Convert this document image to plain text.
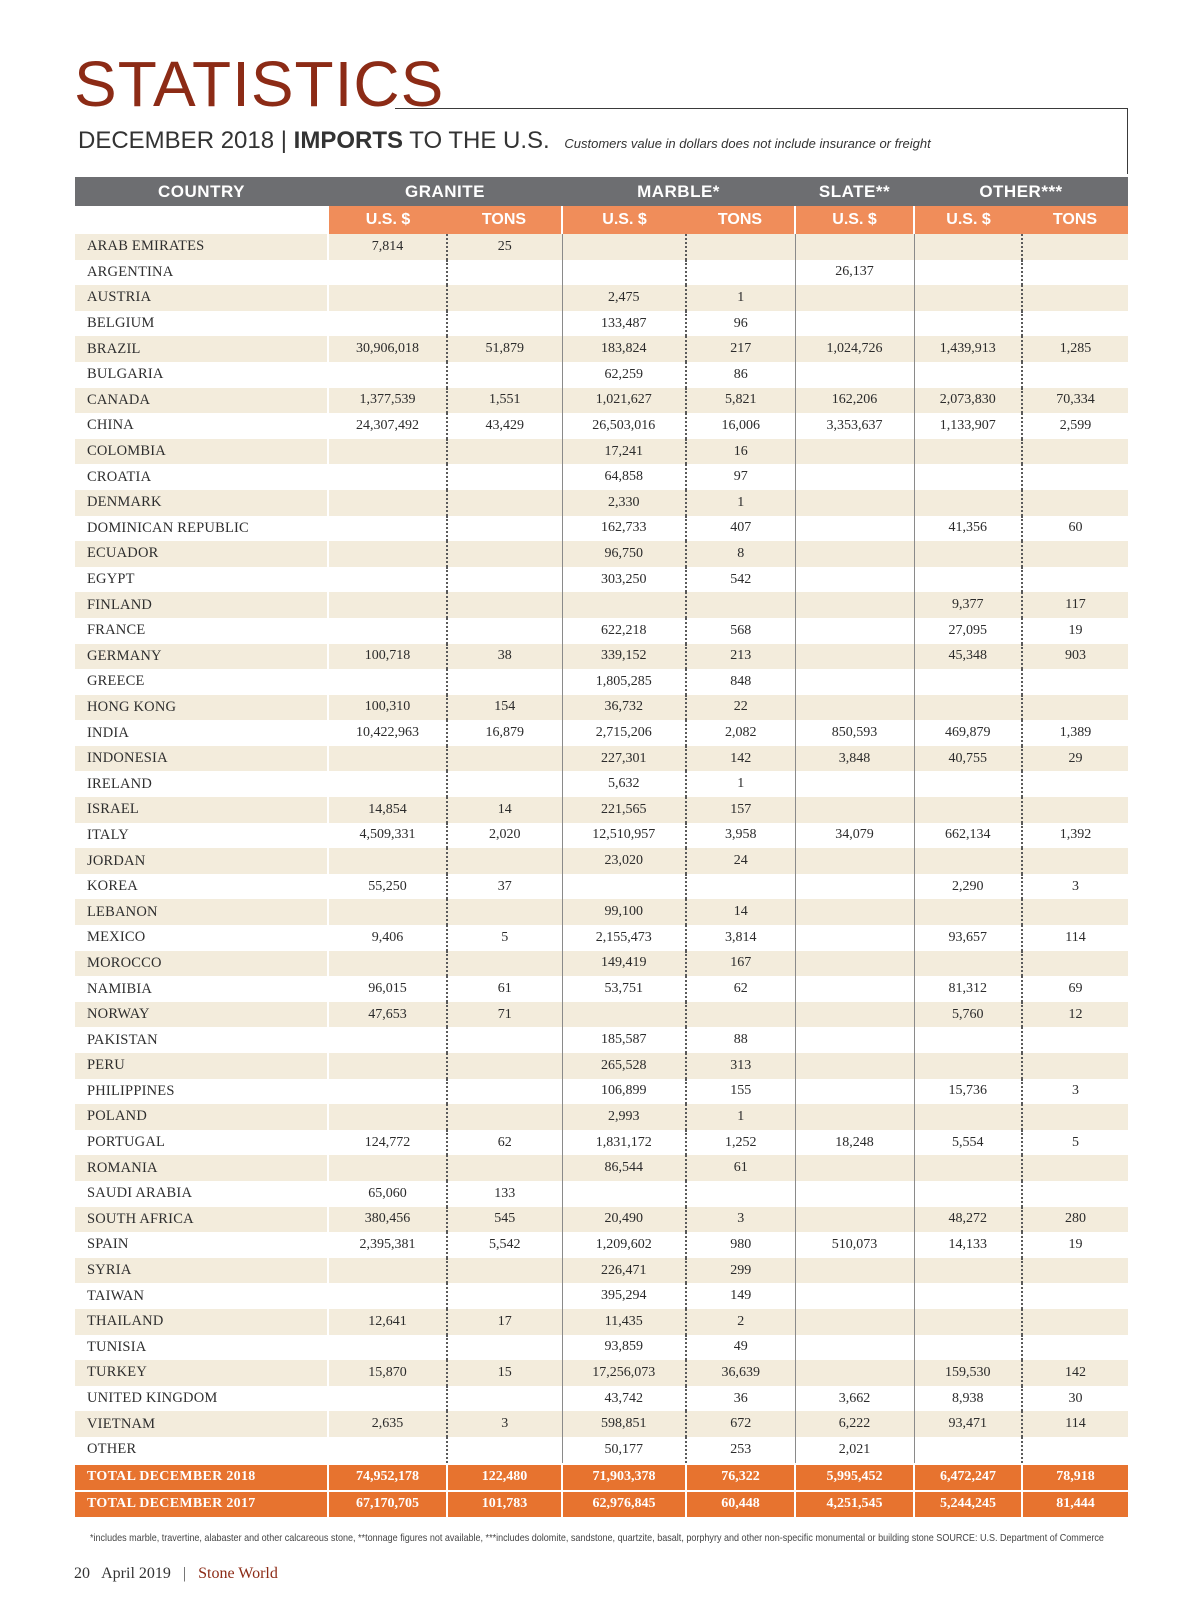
STATISTICS
DECEMBER 2018 | IMPORTS TO THE U.S. Customers value in dollars does not include insurance or freight
COUNTRY	GRANITE		MARBLE*		SLATE**	OTHER***	
	U.S. $	TONS	U.S. $	TONS	U.S. $	U.S. $	TONS
ARAB EMIRATES	7,814	25					
ARGENTINA					26,137		
AUSTRIA			2,475	1			
BELGIUM			133,487	96			
BRAZIL	30,906,018	51,879	183,824	217	1,024,726	1,439,913	1,285
BULGARIA			62,259	86			
CANADA	1,377,539	1,551	1,021,627	5,821	162,206	2,073,830	70,334
CHINA	24,307,492	43,429	26,503,016	16,006	3,353,637	1,133,907	2,599
COLOMBIA			17,241	16			
CROATIA			64,858	97			
DENMARK			2,330	1			
DOMINICAN REPUBLIC			162,733	407		41,356	60
ECUADOR			96,750	8			
EGYPT			303,250	542			
FINLAND						9,377	117
FRANCE			622,218	568		27,095	19
GERMANY	100,718	38	339,152	213		45,348	903
GREECE			1,805,285	848			
HONG KONG	100,310	154	36,732	22			
INDIA	10,422,963	16,879	2,715,206	2,082	850,593	469,879	1,389
INDONESIA			227,301	142	3,848	40,755	29
IRELAND			5,632	1			
ISRAEL	14,854	14	221,565	157			
ITALY	4,509,331	2,020	12,510,957	3,958	34,079	662,134	1,392
JORDAN			23,020	24			
KOREA	55,250	37				2,290	3
LEBANON			99,100	14			
MEXICO	9,406	5	2,155,473	3,814		93,657	114
MOROCCO			149,419	167			
NAMIBIA	96,015	61	53,751	62		81,312	69
NORWAY	47,653	71				5,760	12
PAKISTAN			185,587	88			
PERU			265,528	313			
PHILIPPINES			106,899	155		15,736	3
POLAND			2,993	1			
PORTUGAL	124,772	62	1,831,172	1,252	18,248	5,554	5
ROMANIA			86,544	61			
SAUDI ARABIA	65,060	133					
SOUTH AFRICA	380,456	545	20,490	3		48,272	280
SPAIN	2,395,381	5,542	1,209,602	980	510,073	14,133	19
SYRIA			226,471	299			
TAIWAN			395,294	149			
THAILAND	12,641	17	11,435	2			
TUNISIA			93,859	49			
TURKEY	15,870	15	17,256,073	36,639		159,530	142
UNITED KINGDOM			43,742	36	3,662	8,938	30
VIETNAM	2,635	3	598,851	672	6,222	93,471	114
OTHER			50,177	253	2,021		
TOTAL DECEMBER 2018	74,952,178	122,480	71,903,378	76,322	5,995,452	6,472,247	78,918
TOTAL DECEMBER 2017	67,170,705	101,783	62,976,845	60,448	4,251,545	5,244,245	81,444
*includes marble, travertine, alabaster and other calcareous stone, **tonnage figures not available, ***includes dolomite, sandstone, quartzite, basalt, porphyry and other non-specific monumental or building stone SOURCE: U.S. Department of Commerce
20 April 2019 | Stone World
